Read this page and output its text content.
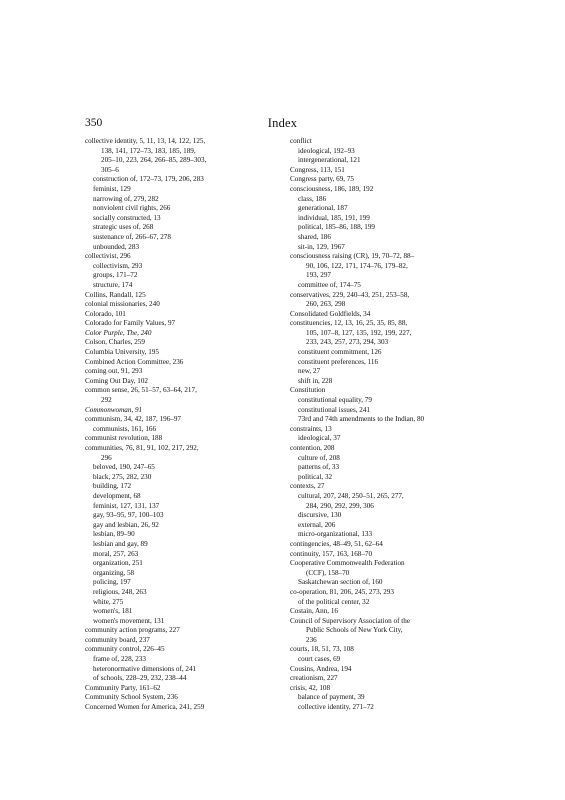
350	Index
collective identity, 5, 11, 13, 14, 122, 125,
138, 141, 172–73, 183, 185, 189,
205–10, 223, 264, 266–85, 289–303,
305–6
construction of, 172–73, 179, 206, 283
feminist, 129
narrowing of, 279, 282
nonviolent civil rights, 266
socially constructed, 13
strategic uses of, 268
sustenance of, 266–67, 278
unbounded, 283
collectivist, 296
collectivism, 293
groups, 171–72
structure, 174
Collins, Randall, 125
colonial missionaries, 240
Colorado, 101
Colorado for Family Values, 97
Color Purple, The, 240
Colson, Charles, 259
Columbia University, 195
Combined Action Committee, 236
coming out, 91, 293
Coming Out Day, 102
common sense, 26, 51–57, 63–64, 217,
292
Commonwoman, 91
communism, 34, 42, 187, 196–97
communists, 161, 166
communist revolution, 188
communities, 76, 81, 91, 102, 217, 292,
296
beloved, 190, 247–65
black, 275, 282, 230
building, 172
development, 68
feminist, 127, 131, 137
gay, 93–95, 97, 100–103
gay and lesbian, 26, 92
lesbian, 89–90
lesbian and gay, 89
moral, 257, 263
organization, 251
organizing, 58
policing, 197
religious, 248, 263
white, 275
women's, 181
women's movement, 131
community action programs, 227
community board, 237
community control, 226–45
frame of, 228, 233
heteronormative dimensions of, 241
of schools, 228–29, 232, 238–44
Community Party, 161–62
Community School System, 236
Concerned Women for America, 241, 259
conflict
ideological, 192–93
intergenerational, 121
Congress, 113, 151
Congress party, 69, 75
consciousness, 186, 189, 192
class, 186
generational, 187
individual, 185, 191, 199
political, 185–86, 188, 199
shared, 186
sit-in, 129, 1967
consciousness raising (CR), 19, 70–72, 88–
90, 106, 122, 171, 174–76, 179–82,
193, 297
committee of, 174–75
conservatives, 229, 240–43, 251, 253–58,
260, 263, 298
Consolidated Goldfields, 34
constituencies, 12, 13, 16, 25, 35, 85, 88,
105, 107–8, 127, 135, 192, 199, 227,
233, 243, 257, 273, 294, 303
constituent commitment, 126
constituent preferences, 116
new, 27
shift in, 228
Constitution
constitutional equality, 79
constitutional issues, 241
73rd and 74th amendments to the Indian, 80
constraints, 13
ideological, 37
contention, 208
culture of, 208
patterns of, 33
political, 32
contexts, 27
cultural, 207, 248, 250–51, 265, 277,
284, 290, 292, 299, 306
discursive, 130
external, 206
micro-organizational, 133
contingencies, 48–49, 51, 62–64
continuity, 157, 163, 168–70
Cooperative Commonwealth Federation
(CCF), 158–70
Saskatchewan section of, 160
co-operation, 81, 206, 245, 273, 293
of the political center, 32
Costain, Ann, 16
Council of Supervisory Association of the
Public Schools of New York City,
236
courts, 18, 51, 73, 108
court cases, 69
Cousins, Andrea, 194
creationism, 227
crisis, 42, 108
balance of payment, 39
collective identity, 271–72
